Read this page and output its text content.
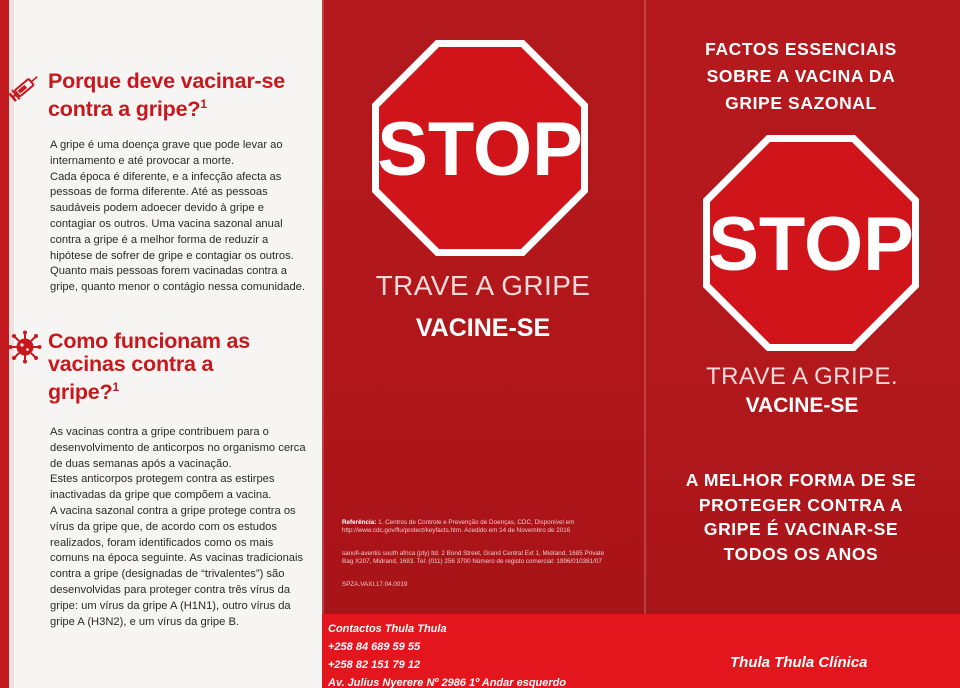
Porque deve vacinar-se contra a gripe?$^1$

A gripe é uma doença grave que pode levar ao internamento e até provocar a morte.

Cada época é diferente, e a infecção afecta as pessoas de forma diferente. Até as pessoas saudáveis podem adoecer devido à gripe e contagiar os outros. Uma vacina sazonal anual contra a gripe é a melhor forma de reduzir a hipótese de sofrer de gripe e contagiar os outros. Quanto mais pessoas forem vacinadas contra a gripe, quanto menor o contágio nessa comunidade.

Como funcionam as vacinas contra a gripe?$^1$

As vacinas contra a gripe contribuem para o desenvolvimento de anticorpos no organismo cerca de duas semanas após a vacinação.

Estes anticorpos protegem contra as estirpes inactivadas da gripe que compõem a vacina.

A vacina sazonal contra a gripe protege contra os vírus da gripe que, de acordo com os estudos realizados, foram identificados como os mais comuns na época seguinte. As vacinas tradicionais contra a gripe (designadas de “trivalentes”) são desenvolvidas para proteger contra três vírus da gripe: um vírus da gripe A (H1N1), outro vírus da gripe A (H3N2), e um vírus da gripe B.

STOP
TRAVE A GRIPE
VACINE-SE

Referência: 1. Centros de Controle e Prevenção de Doenças, CDC, Disponível em http://www.cdc.gov/flu/protect/keyfacts.htm. Acedido em 14 de Novembro de 2016

sanofi-aventis south africa (pty) ltd. 2 Bond Street, Grand Central Ext 1, Midrand, 1685 Private Bag X207, Midrand, 1683. Tel: (011) 256 3700 Número de registo comercial: 1996/010381/07

SPZA.VAXI.17.04.0019

FACTOS ESSENCIAIS SOBRE A VACINA DA GRIPE SAZONAL
STOP
TRAVE A GRIPE.
VACINE-SE
A MELHOR FORMA DE SE PROTEGER CONTRA A GRIPE É VACINAR-SE TODOS OS ANOS
Contactos Thula Thula
+258 84 689 59 55
+258 82 151 79 12
Av. Julius Nyerere Nº 2986 1º Andar esquerdo
Thula Thula Clínica
